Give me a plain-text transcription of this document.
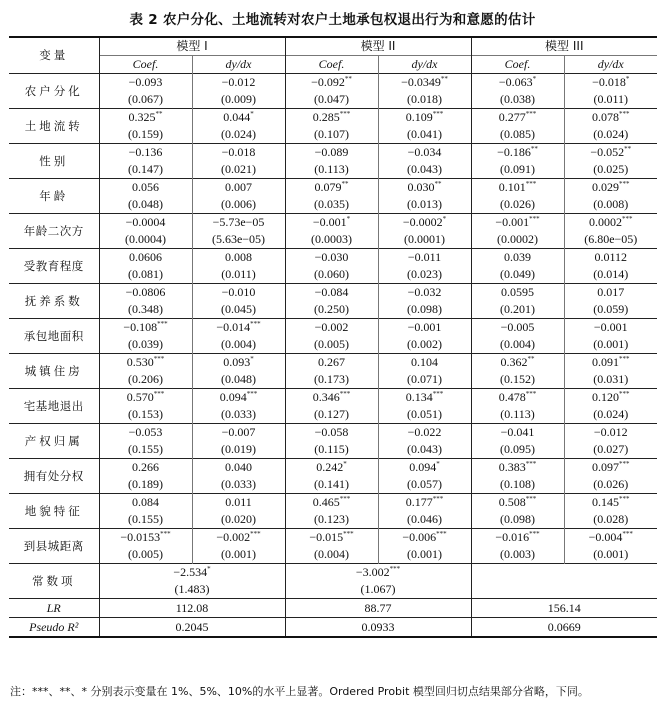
表 2 农户分化、土地流转对农户土地承包权退出行为和意愿的估计
变量	模型 I		模型 II		模型 III	
	Coef.	dy/dx	Coef.	dy/dx	Coef.	dy/dx
农户分化	−0.093	−0.012	−0.092**	−0.0349**	−0.063*	−0.018*
	(0.067)	(0.009)	(0.047)	(0.018)	(0.038)	(0.011)
土地流转	0.325**	0.044*	0.285***	0.109***	0.277***	0.078***
	(0.159)	(0.024)	(0.107)	(0.041)	(0.085)	(0.024)
性别	−0.136	−0.018	−0.089	−0.034	−0.186**	−0.052**
	(0.147)	(0.021)	(0.113)	(0.043)	(0.091)	(0.025)
年龄	0.056	0.007	0.079**	0.030**	0.101***	0.029***
	(0.048)	(0.006)	(0.035)	(0.013)	(0.026)	(0.008)
年龄二次方	−0.0004	−5.73e−05	−0.001*	−0.0002*	−0.001***	0.0002***
	(0.0004)	(5.63e−05)	(0.0003)	(0.0001)	(0.0002)	(6.80e−05)
受教育程度	0.0606	0.008	−0.030	−0.011	0.039	0.0112
	(0.081)	(0.011)	(0.060)	(0.023)	(0.049)	(0.014)
抚养系数	−0.0806	−0.010	−0.084	−0.032	0.0595	0.017
	(0.348)	(0.045)	(0.250)	(0.098)	(0.201)	(0.059)
承包地面积	−0.108***	−0.014***	−0.002	−0.001	−0.005	−0.001
	(0.039)	(0.004)	(0.005)	(0.002)	(0.004)	(0.001)
城镇住房	0.530***	0.093*	0.267	0.104	0.362**	0.091***
	(0.206)	(0.048)	(0.173)	(0.071)	(0.152)	(0.031)
宅基地退出	0.570***	0.094***	0.346***	0.134***	0.478***	0.120***
	(0.153)	(0.033)	(0.127)	(0.051)	(0.113)	(0.024)
产权归属	−0.053	−0.007	−0.058	−0.022	−0.041	−0.012
	(0.155)	(0.019)	(0.115)	(0.043)	(0.095)	(0.027)
拥有处分权	0.266	0.040	0.242*	0.094*	0.383***	0.097***
	(0.189)	(0.033)	(0.141)	(0.057)	(0.108)	(0.026)
地貌特征	0.084	0.011	0.465***	0.177***	0.508***	0.145***
	(0.155)	(0.020)	(0.123)	(0.046)	(0.098)	(0.028)
到县城距离	−0.0153***	−0.002***	−0.015***	−0.006***	−0.016***	−0.004***
	(0.005)	(0.001)	(0.004)	(0.001)	(0.003)	(0.001)
常数项	−2.534*		−3.002***	
	(1.483)		(1.067)			
LR	112.08		88.77		156.14	
Pseudo R²	0.2045		0.0933		0.0669	
注：***、**、* 分别表示变量在 1%、5%、10%的水平上显著。Ordered Probit 模型回归切点结果部分省略，下同。
